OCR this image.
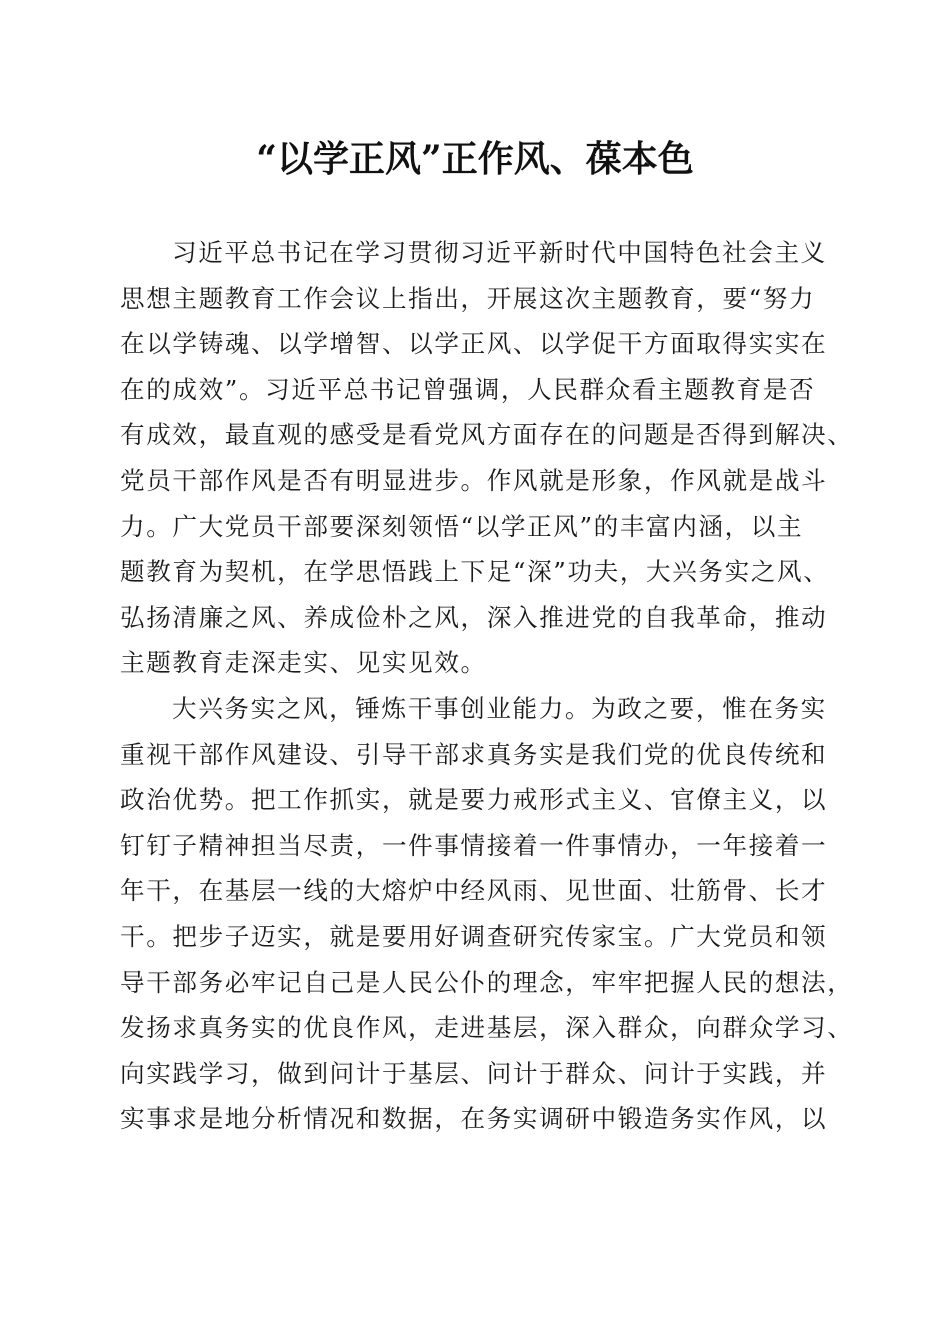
“以学正风”正作风、葆本色
习近平总书记在学习贯彻习近平新时代中国特色社会主义
思想主题教育工作会议上指出，开展这次主题教育，要“努力
在以学铸魂、以学增智、以学正风、以学促干方面取得实实在
在的成效”。习近平总书记曾强调，人民群众看主题教育是否
有成效，最直观的感受是看党风方面存在的问题是否得到解决、
党员干部作风是否有明显进步。作风就是形象，作风就是战斗
力。广大党员干部要深刻领悟“以学正风”的丰富内涵，以主
题教育为契机，在学思悟践上下足“深”功夫，大兴务实之风、
弘扬清廉之风、养成俭朴之风，深入推进党的自我革命，推动
主题教育走深走实、见实见效。
大兴务实之风，锤炼干事创业能力。为政之要，惟在务实
重视干部作风建设、引导干部求真务实是我们党的优良传统和
政治优势。把工作抓实，就是要力戒形式主义、官僚主义，以
钉钉子精神担当尽责，一件事情接着一件事情办，一年接着一
年干，在基层一线的大熔炉中经风雨、见世面、壮筋骨、长才
干。把步子迈实，就是要用好调查研究传家宝。广大党员和领
导干部务必牢记自己是人民公仆的理念，牢牢把握人民的想法，
发扬求真务实的优良作风，走进基层，深入群众，向群众学习、
向实践学习，做到问计于基层、问计于群众、问计于实践，并
实事求是地分析情况和数据，在务实调研中锻造务实作风，以
